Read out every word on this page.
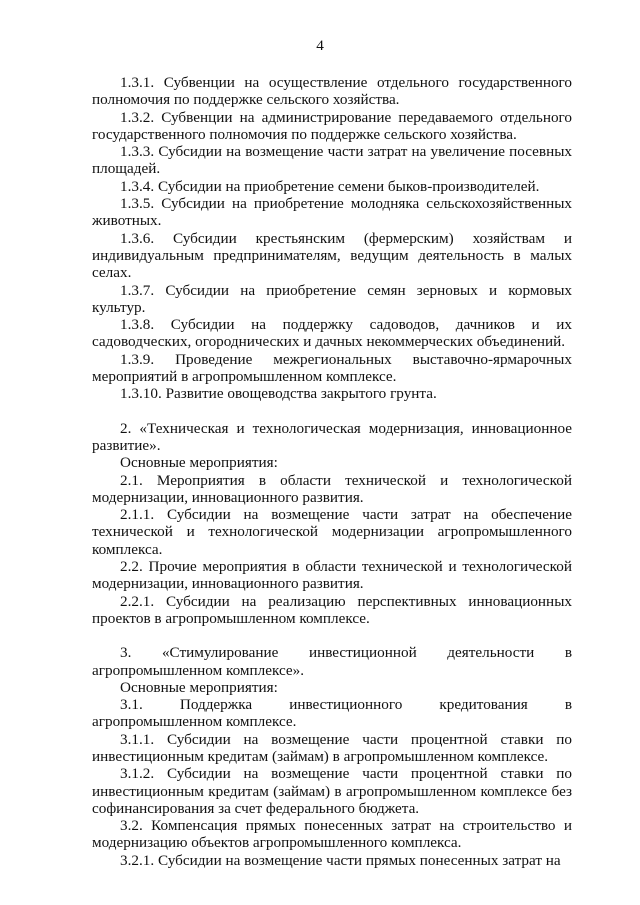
4

1.3.1. Субвенции на осуществление отдельного государственного полномочия по поддержке сельского хозяйства.

1.3.2. Субвенции на администрирование передаваемого отдельного государственного полномочия по поддержке сельского хозяйства.

1.3.3. Субсидии на возмещение части затрат на увеличение посевных площадей.

1.3.4. Субсидии на приобретение семени быков-производителей.

1.3.5. Субсидии на приобретение молодняка сельскохозяйственных животных.

1.3.6. Субсидии крестьянским (фермерским) хозяйствам и индивидуальным предпринимателям, ведущим деятельность в малых селах.

1.3.7. Субсидии на приобретение семян зерновых и кормовых культур.

1.3.8. Субсидии на поддержку садоводов, дачников и их садоводческих, огороднических и дачных некоммерческих объединений.

1.3.9. Проведение межрегиональных выставочно-ярмарочных мероприятий в агропромышленном комплексе.

1.3.10. Развитие овощеводства закрытого грунта.

2. «Техническая и технологическая модернизация, инновационное развитие».

Основные мероприятия:

2.1. Мероприятия в области технической и технологической модернизации, инновационного развития.

2.1.1. Субсидии на возмещение части затрат на обеспечение технической и технологической модернизации агропромышленного комплекса.

2.2. Прочие мероприятия в области технической и технологической модернизации, инновационного развития.

2.2.1. Субсидии на реализацию перспективных инновационных проектов в агропромышленном комплексе.

3. «Стимулирование инвестиционной деятельности в агропромышленном комплексе».

Основные мероприятия:

3.1. Поддержка инвестиционного кредитования в агропромышленном комплексе.

3.1.1. Субсидии на возмещение части процентной ставки по инвестиционным кредитам (займам) в агропромышленном комплексе.

3.1.2. Субсидии на возмещение части процентной ставки по инвестиционным кредитам (займам) в агропромышленном комплексе без софинансирования за счет федерального бюджета.

3.2. Компенсация прямых понесенных затрат на строительство и модернизацию объектов агропромышленного комплекса.

3.2.1. Субсидии на возмещение части прямых понесенных затрат на
